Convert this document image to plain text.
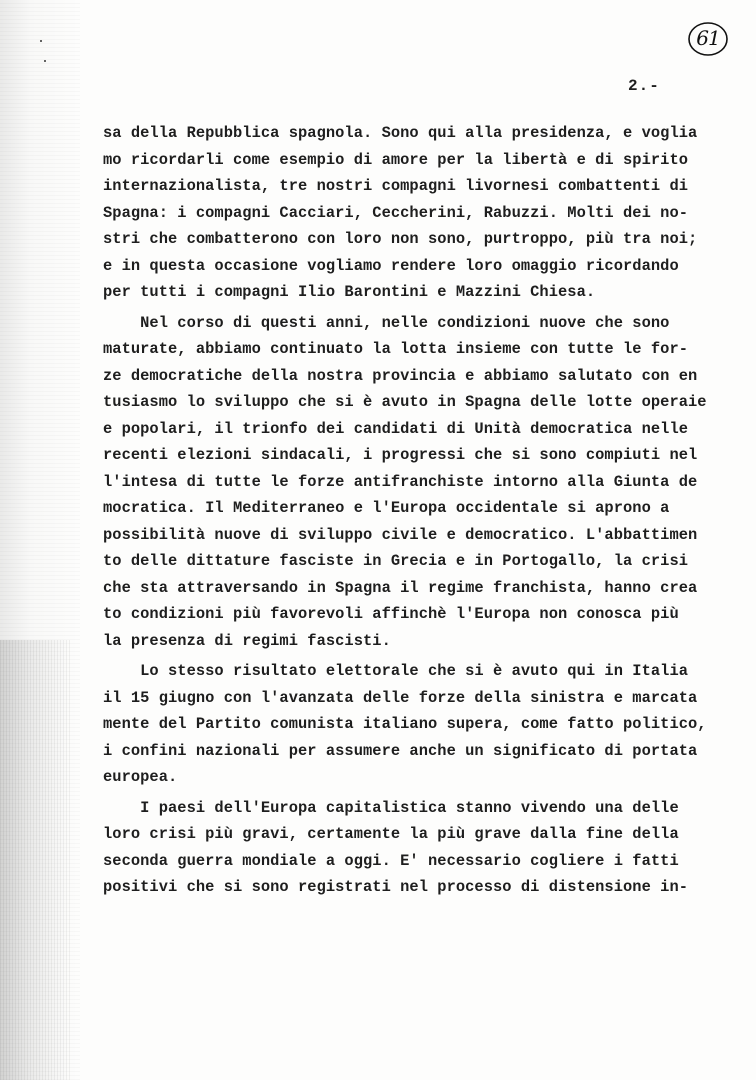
61
2.-
sa della Repubblica spagnola. Sono qui alla presidenza, e voglia
mo ricordarli come esempio di amore per la libertà e di spirito
internazionalista, tre nostri compagni livornesi combattenti di
Spagna: i compagni Cacciari, Ceccherini, Rabuzzi. Molti dei no-
stri che combatterono con loro non sono, purtroppo, più tra noi;
e in questa occasione vogliamo rendere loro omaggio ricordando
per tutti i compagni Ilio Barontini e Mazzini Chiesa.
Nel corso di questi anni, nelle condizioni nuove che sono
maturate, abbiamo continuato la lotta insieme con tutte le for-
ze democratiche della nostra provincia e abbiamo salutato con en
tusiasmo lo sviluppo che si è avuto in Spagna delle lotte operaie
e popolari, il trionfo dei candidati di Unità democratica nelle
recenti elezioni sindacali, i progressi che si sono compiuti nel
l'intesa di tutte le forze antifranchiste intorno alla Giunta de
mocratica. Il Mediterraneo e l'Europa occidentale si aprono a
possibilità nuove di sviluppo civile e democratico. L'abbattimen
to delle dittature fasciste in Grecia e in Portogallo, la crisi
che sta attraversando in Spagna il regime franchista, hanno crea
to condizioni più favorevoli affinchè l'Europa non conosca più
la presenza di regimi fascisti.
Lo stesso risultato elettorale che si è avuto qui in Italia
il 15 giugno con l'avanzata delle forze della sinistra e marcata
mente del Partito comunista italiano supera, come fatto politico,
i confini nazionali per assumere anche un significato di portata
europea.
I paesi dell'Europa capitalistica stanno vivendo una delle
loro crisi più gravi, certamente la più grave dalla fine della
seconda guerra mondiale a oggi. E' necessario cogliere i fatti
positivi che si sono registrati nel processo di distensione in-
